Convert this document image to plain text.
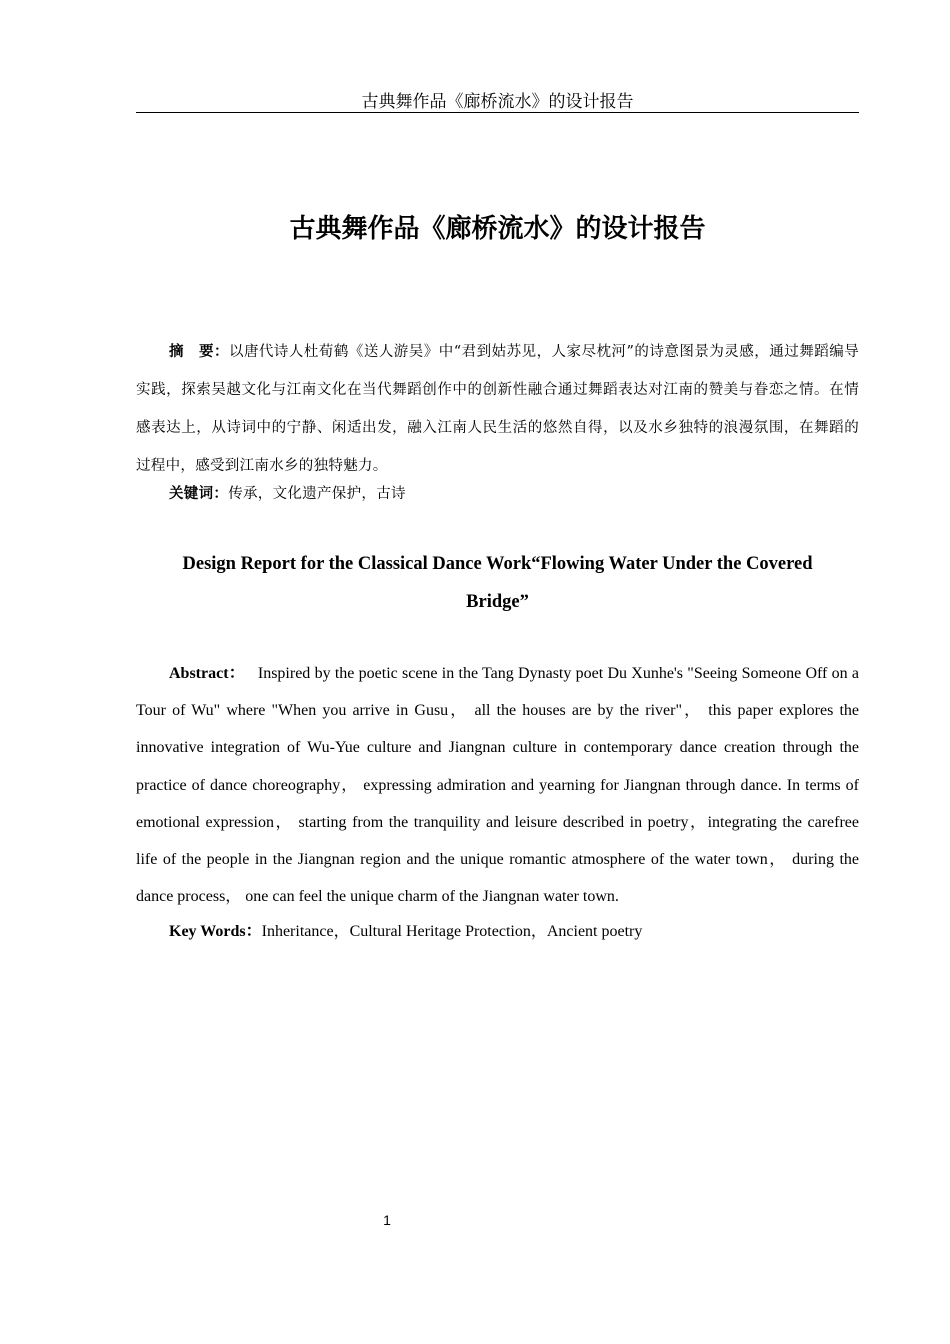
古典舞作品《廊桥流水》的设计报告
古典舞作品《廊桥流水》的设计报告

摘　要：以唐代诗人杜荀鹤《送人游吴》中“君到姑苏见，人家尽枕河”的诗意图景为灵感，通过舞蹈编导实践，探索吴越文化与江南文化在当代舞蹈创作中的创新性融合通过舞蹈表达对江南的赞美与眷恋之情。在情感表达上，从诗词中的宁静、闲适出发，融入江南人民生活的悠然自得，以及水乡独特的浪漫氛围，在舞蹈的过程中，感受到江南水乡的独特魅力。

关键词：传承，文化遗产保护，古诗

Design Report for the Classical Dance Work“Flowing Water Under the Covered Bridge”

Abstract： Inspired by the poetic scene in the Tang Dynasty poet Du Xunhe's "Seeing Someone Off on a Tour of Wu" where "When you arrive in Gusu， all the houses are by the river"， this paper explores the innovative integration of Wu-Yue culture and Jiangnan culture in contemporary dance creation through the practice of dance choreography， expressing admiration and yearning for Jiangnan through dance. In terms of emotional expression， starting from the tranquility and leisure described in poetry，integrating the carefree life of the people in the Jiangnan region and the unique romantic atmosphere of the water town， during the dance process， one can feel the unique charm of the Jiangnan water town.

Key Words：Inheritance，Cultural Heritage Protection，Ancient poetry

1
